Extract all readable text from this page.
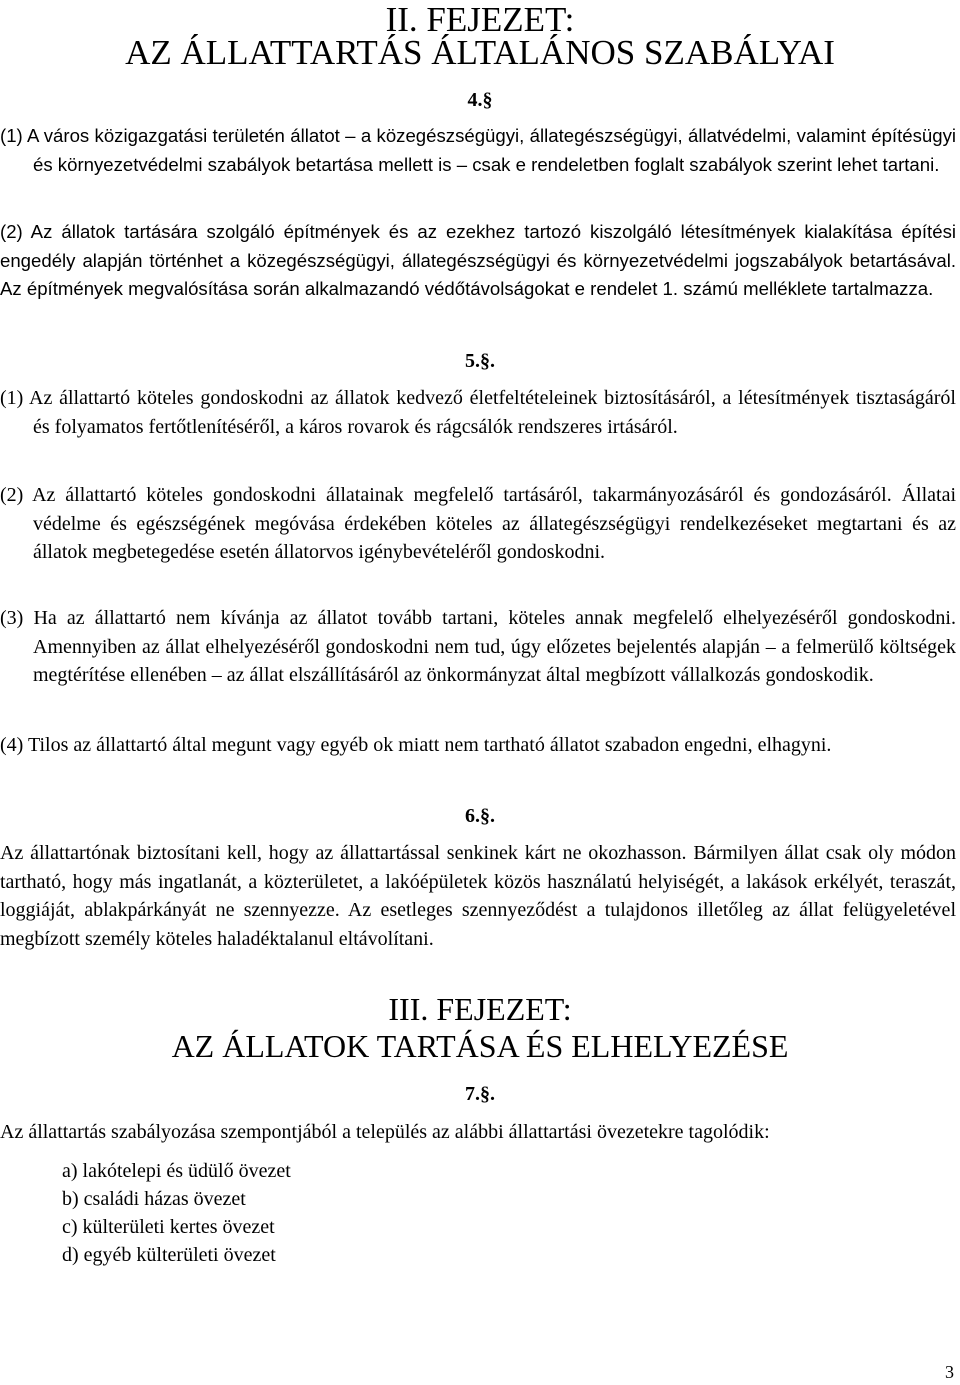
II. FEJEZET:
AZ ÁLLATTARTÁS ÁLTALÁNOS SZABÁLYAI
4.§

(1) A város közigazgatási területén állatot – a közegészségügyi, állategészségügyi, állatvédelmi, valamint építésügyi és környezetvédelmi szabályok betartása mellett is – csak e rendeletben foglalt szabályok szerint lehet tartani.

(2) Az állatok tartására szolgáló építmények és az ezekhez tartozó kiszolgáló létesítmények kialakítása építési engedély alapján történhet a közegészségügyi, állategészségügyi és környezetvédelmi jogszabályok betartásával. Az építmények megvalósítása során alkalmazandó védőtávolságokat e rendelet 1. számú melléklete tartalmazza.

5.§.

(1) Az állattartó köteles gondoskodni az állatok kedvező életfeltételeinek biztosításáról, a létesítmények tisztaságáról és folyamatos fertőtlenítéséről, a káros rovarok és rágcsálók rendszeres irtásáról.

(2) Az állattartó köteles gondoskodni állatainak megfelelő tartásáról, takarmányozásáról és gondozásáról. Állatai védelme és egészségének megóvása érdekében köteles az állategészségügyi rendelkezéseket megtartani és az állatok megbetegedése esetén állatorvos igénybevételéről gondoskodni.

(3) Ha az állattartó nem kívánja az állatot tovább tartani, köteles annak megfelelő elhelyezéséről gondoskodni. Amennyiben az állat elhelyezéséről gondoskodni nem tud, úgy előzetes bejelentés alapján – a felmerülő költségek megtérítése ellenében – az állat elszállításáról az önkormányzat által megbízott vállalkozás gondoskodik.

(4) Tilos az állattartó által megunt vagy egyéb ok miatt nem tartható állatot szabadon engedni, elhagyni.

6.§.

Az állattartónak biztosítani kell, hogy az állattartással senkinek kárt ne okozhasson. Bármilyen állat csak oly módon tartható, hogy más ingatlanát, a közterületet, a lakóépületek közös használatú helyiségét, a lakások erkélyét, teraszát, loggiáját, ablakpárkányát ne szennyezze. Az esetleges szennyeződést a tulajdonos illetőleg az állat felügyeletével megbízott személy köteles haladéktalanul eltávolítani.

III. FEJEZET:
AZ ÁLLATOK TARTÁSA ÉS ELHELYEZÉSE
7.§.

Az állattartás szabályozása szempontjából a település az alábbi állattartási övezetekre tagolódik:

a) lakótelepi és üdülő övezet
b) családi házas övezet
c) külterületi kertes övezet
d) egyéb külterületi övezet
3
